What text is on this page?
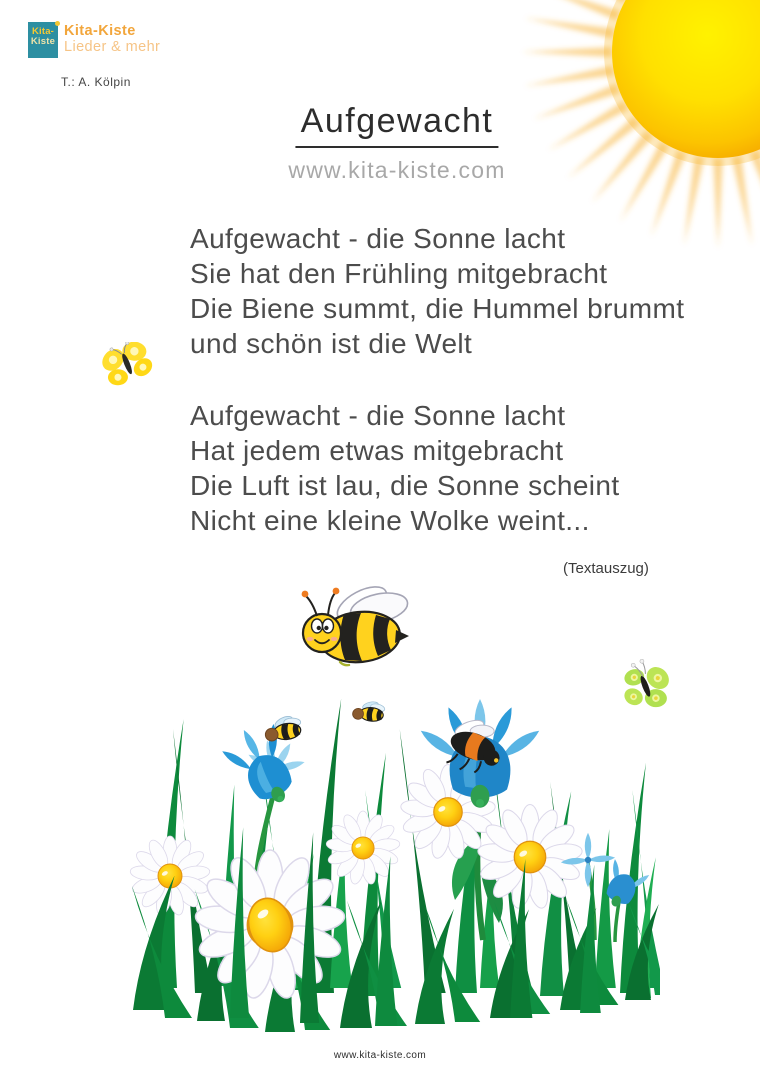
Kita-
Kiste
Kita-Kiste
Lieder & mehr
T.: A. Kölpin
Aufgewacht
www.kita-kiste.com
Aufgewacht - die Sonne lacht
Sie hat den Frühling mitgebracht
Die Biene summt, die Hummel brummt
und schön ist die Welt
Aufgewacht - die Sonne lacht
Hat jedem etwas mitgebracht
Die Luft ist lau, die Sonne scheint
Nicht eine kleine Wolke weint...
(Textauszug)
www.kita-kiste.com
